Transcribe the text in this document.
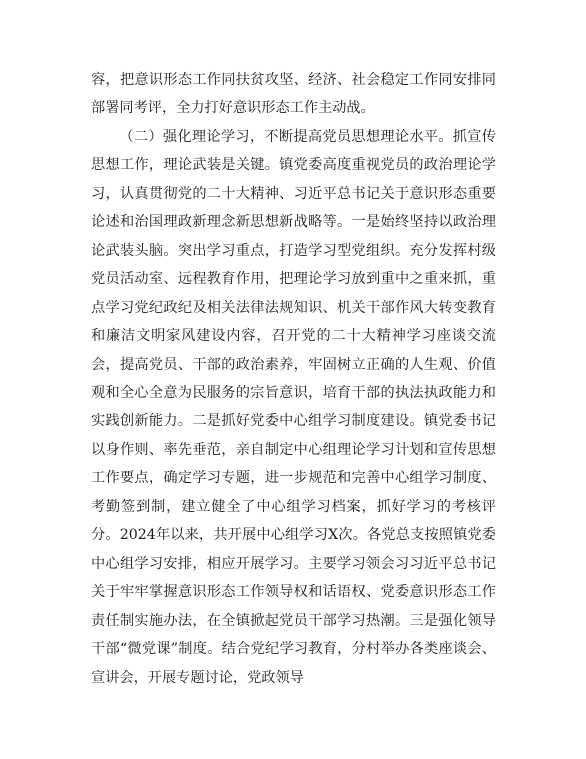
容，把意识形态工作同扶贫攻坚、经济、社会稳定工作同安排同部署同考评，全力打好意识形态工作主动战。

（二）强化理论学习，不断提高党员思想理论水平。抓宣传思想工作，理论武装是关键。镇党委高度重视党员的政治理论学习，认真贯彻党的二十大精神、习近平总书记关于意识形态重要论述和治国理政新理念新思想新战略等。一是始终坚持以政治理论武装头脑。突出学习重点，打造学习型党组织。充分发挥村级党员活动室、远程教育作用，把理论学习放到重中之重来抓，重点学习党纪政纪及相关法律法规知识、机关干部作风大转变教育和廉洁文明家风建设内容，召开党的二十大精神学习座谈交流会，提高党员、干部的政治素养，牢固树立正确的人生观、价值观和全心全意为民服务的宗旨意识，培育干部的执法执政能力和实践创新能力。二是抓好党委中心组学习制度建设。镇党委书记以身作则、率先垂范，亲自制定中心组理论学习计划和宣传思想工作要点，确定学习专题，进一步规范和完善中心组学习制度、考勤签到制，建立健全了中心组学习档案，抓好学习的考核评分。2024年以来，共开展中心组学习X次。各党总支按照镇党委中心组学习安排，相应开展学习。主要学习领会习习近平总书记关于牢牢掌握意识形态工作领导权和话语权、党委意识形态工作责任制实施办法，在全镇掀起党员干部学习热潮。三是强化领导干部“微党课”制度。结合党纪学习教育，分村举办各类座谈会、宣讲会，开展专题讨论，党政领导
